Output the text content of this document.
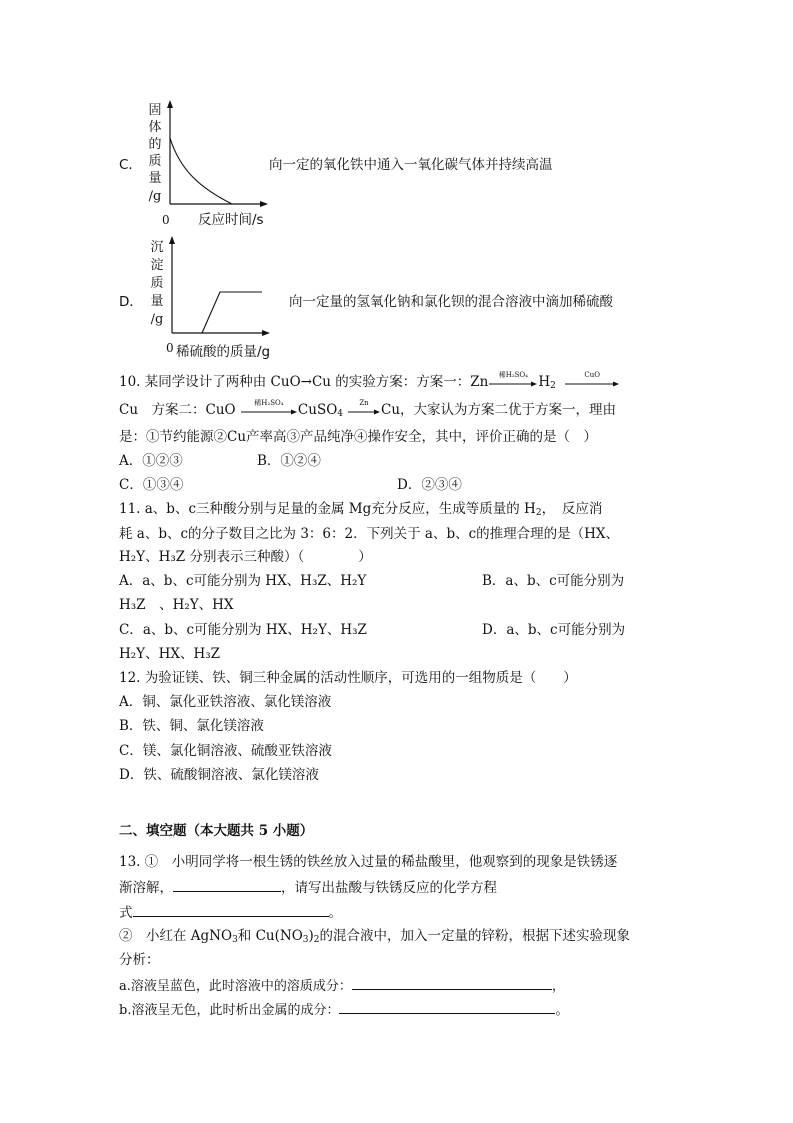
C．
固
体
的
质
量
/g
0 反应时间/s
向一定的氧化铁中通入一氧化碳气体并持续高温
D．
沉
淀
质
量
/g
0 稀硫酸的质量/g
向一定量的氢氧化钠和氯化钡的混合溶液中滴加稀硫酸
10. 某同学设计了两种由 CuO→Cu 的实验方案：方案一：Zn	稀H₂SO₄ $H_2$
CuO
Cu　方案二：CuO	稀H₂SO₄	CuSO$_4$
Zn Cu，大家认为方案二优于方案一，理由
是：①节约能源②Cu产率高③产品纯净④操作安全，其中，评价正确的是（　）
A．①②③	B．①②④
C．①③④	D．②③④
11. a、b、c三种酸分别与足量的金属 Mg充分反应，生成等质量的 $H_2$，　反应消
耗 a、b、c的分子数目之比为 3：6：2．下列关于 a、b、c的推理合理的是（HX、
H₂Y、H₃Z 分别表示三种酸）（　　　　）
A．a、b、c可能分别为 HX、H₃Z、H₂Y	B．a、b、c可能分别为
H₃Z　、H₂Y、HX
C．a、b、c可能分别为 HX、H₂Y、H₃Z	D．a、b、c可能分别为
H₂Y、HX、H₃Z
12. 为验证镁、铁、铜三种金属的活动性顺序，可选用的一组物质是（　　）
A．铜、氯化亚铁溶液、氯化镁溶液
B．铁、铜、氯化镁溶液
C．镁、氯化铜溶液、硫酸亚铁溶液
D．铁、硫酸铜溶液、氯化镁溶液
二、填空题（本大题共 5 小题）
13. ①　小明同学将一根生锈的铁丝放入过量的稀盐酸里，他观察到的现象是铁锈逐
渐溶解，	，请写出盐酸与铁锈反应的化学方程
式	。
②　小红在 AgNO$_3$和 $Cu(NO_3)_2$的混合液中，加入一定量的锌粉，根据下述实验现象
分析：
a.溶液呈蓝色，此时溶液中的溶质成分：	，
b.溶液呈无色，此时析出金属的成分：	。
